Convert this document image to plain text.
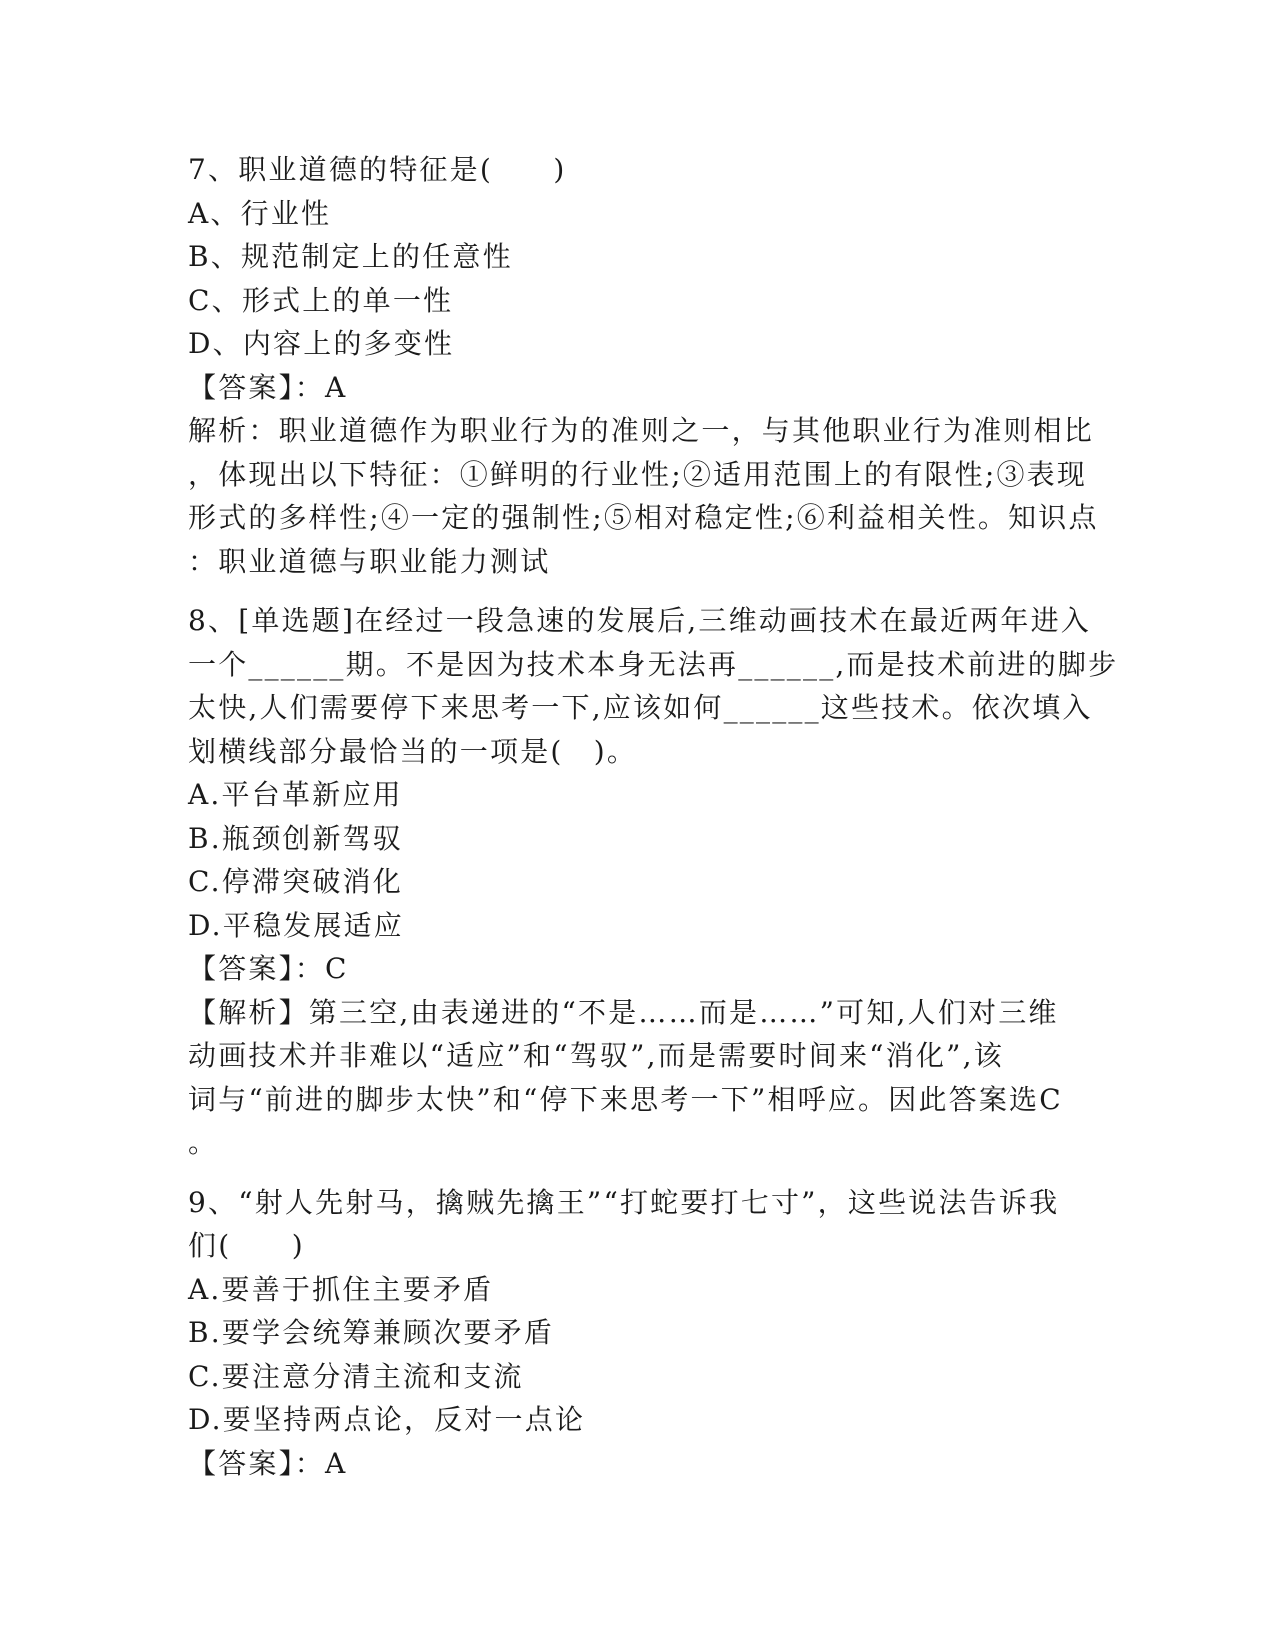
7、职业道德的特征是(　　)
A、行业性
B、规范制定上的任意性
C、形式上的单一性
D、内容上的多变性
【答案】：A
解析：职业道德作为职业行为的准则之一，与其他职业行为准则相比
，体现出以下特征：①鲜明的行业性;②适用范围上的有限性;③表现
形式的多样性;④一定的强制性;⑤相对稳定性;⑥利益相关性。知识点
：职业道德与职业能力测试
8、[单选题]在经过一段急速的发展后,三维动画技术在最近两年进入
一个______期。不是因为技术本身无法再______,而是技术前进的脚步
太快,人们需要停下来思考一下,应该如何______这些技术。依次填入
划横线部分最恰当的一项是(　)。
A.平台革新应用
B.瓶颈创新驾驭
C.停滞突破消化
D.平稳发展适应
【答案】：C
【解析】第三空,由表递进的“不是……而是……”可知,人们对三维
动画技术并非难以“适应”和“驾驭”,而是需要时间来“消化”,该
词与“前进的脚步太快”和“停下来思考一下”相呼应。因此答案选C
。
9、“射人先射马，擒贼先擒王”“打蛇要打七寸”，这些说法告诉我
们(　　)
A.要善于抓住主要矛盾
B.要学会统筹兼顾次要矛盾
C.要注意分清主流和支流
D.要坚持两点论，反对一点论
【答案】：A
